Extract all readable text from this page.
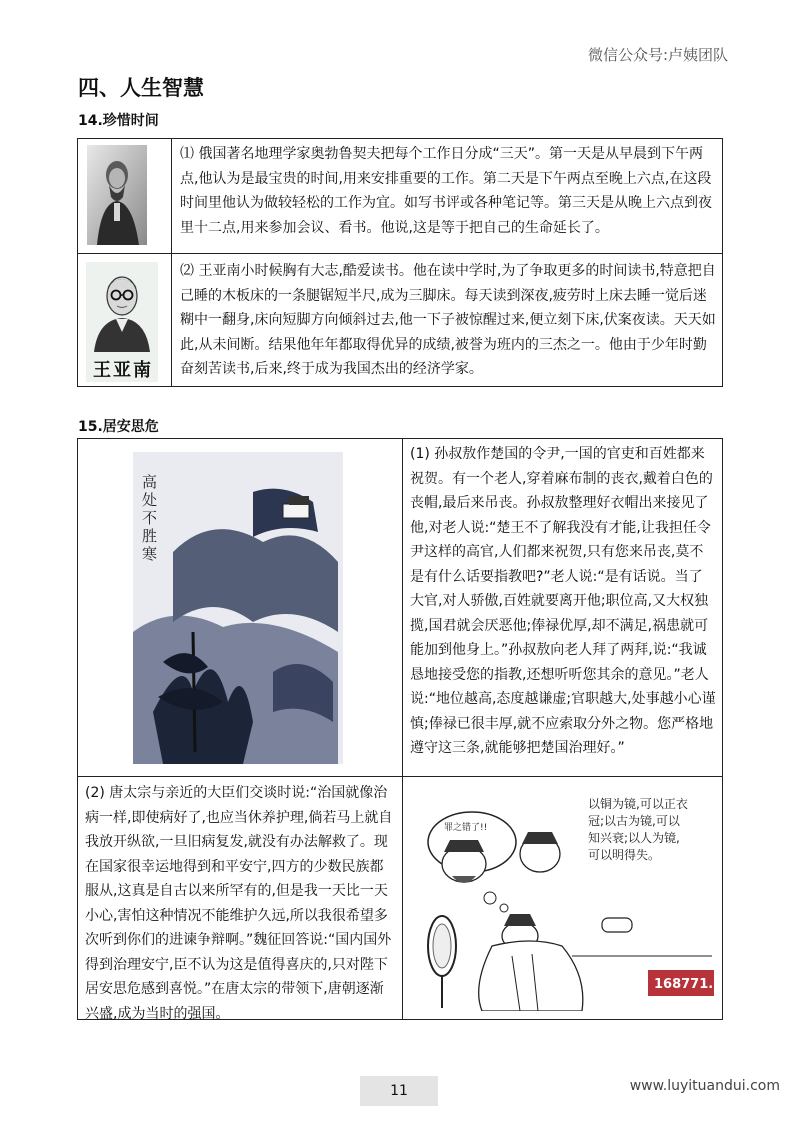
微信公众号:卢姨团队
四、人生智慧
14.珍惜时间
王亚南

⑴ 俄国著名地理学家奥勃鲁契夫把每个工作日分成“三天”。第一天是从早晨到下午两点,他认为是最宝贵的时间,用来安排重要的工作。第二天是下午两点至晚上六点,在这段时间里他认为做较轻松的工作为宜。如写书评或各种笔记等。第三天是从晚上六点到夜里十二点,用来参加会议、看书。他说,这是等于把自己的生命延长了。

⑵ 王亚南小时候胸有大志,酷爱读书。他在读中学时,为了争取更多的时间读书,特意把自己睡的木板床的一条腿锯短半尺,成为三脚床。每天读到深夜,疲劳时上床去睡一觉后迷糊中一翻身,床向短脚方向倾斜过去,他一下子被惊醒过来,便立刻下床,伏案夜读。天天如此,从未间断。结果他年年都取得优异的成绩,被誉为班内的三杰之一。他由于少年时勤奋刻苦读书,后来,终于成为我国杰出的经济学家。

15.居安思危
高处不胜寒

(1) 孙叔敖作楚国的令尹,一国的官吏和百姓都来祝贺。有一个老人,穿着麻布制的丧衣,戴着白色的丧帽,最后来吊丧。孙叔敖整理好衣帽出来接见了他,对老人说:“楚王不了解我没有才能,让我担任令尹这样的高官,人们都来祝贺,只有您来吊丧,莫不是有什么话要指教吧?”老人说:“是有话说。当了大官,对人骄傲,百姓就要离开他;职位高,又大权独揽,国君就会厌恶他;俸禄优厚,却不满足,祸患就可能加到他身上。”孙叔敖向老人拜了两拜,说:“我诚恳地接受您的指教,还想听听您其余的意见。”老人说:“地位越高,态度越谦虚;官职越大,处事越小心谨慎;俸禄已很丰厚,就不应索取分外之物。您严格地遵守这三条,就能够把楚国治理好。”

(2) 唐太宗与亲近的大臣们交谈时说:“治国就像治病一样,即使病好了,也应当休养护理,倘若马上就自我放开纵欲,一旦旧病复发,就没有办法解救了。现在国家很幸运地得到和平安宁,四方的少数民族都服从,这真是自古以来所罕有的,但是我一天比一天小心,害怕这种情况不能维护久远,所以我很希望多次听到你们的进谏争辩啊。”魏征回答说:“国内国外得到治理安宁,臣不认为这是值得喜庆的,只对陛下居安思危感到喜悦。”在唐太宗的带领下,唐朝逐渐兴盛,成为当时的强国。

罪之错了!!
以铜为镜,可以正衣冠;以古为镜,可以知兴衰;以人为镜,可以明得失。
168771.
11	www.luyituandui.com
